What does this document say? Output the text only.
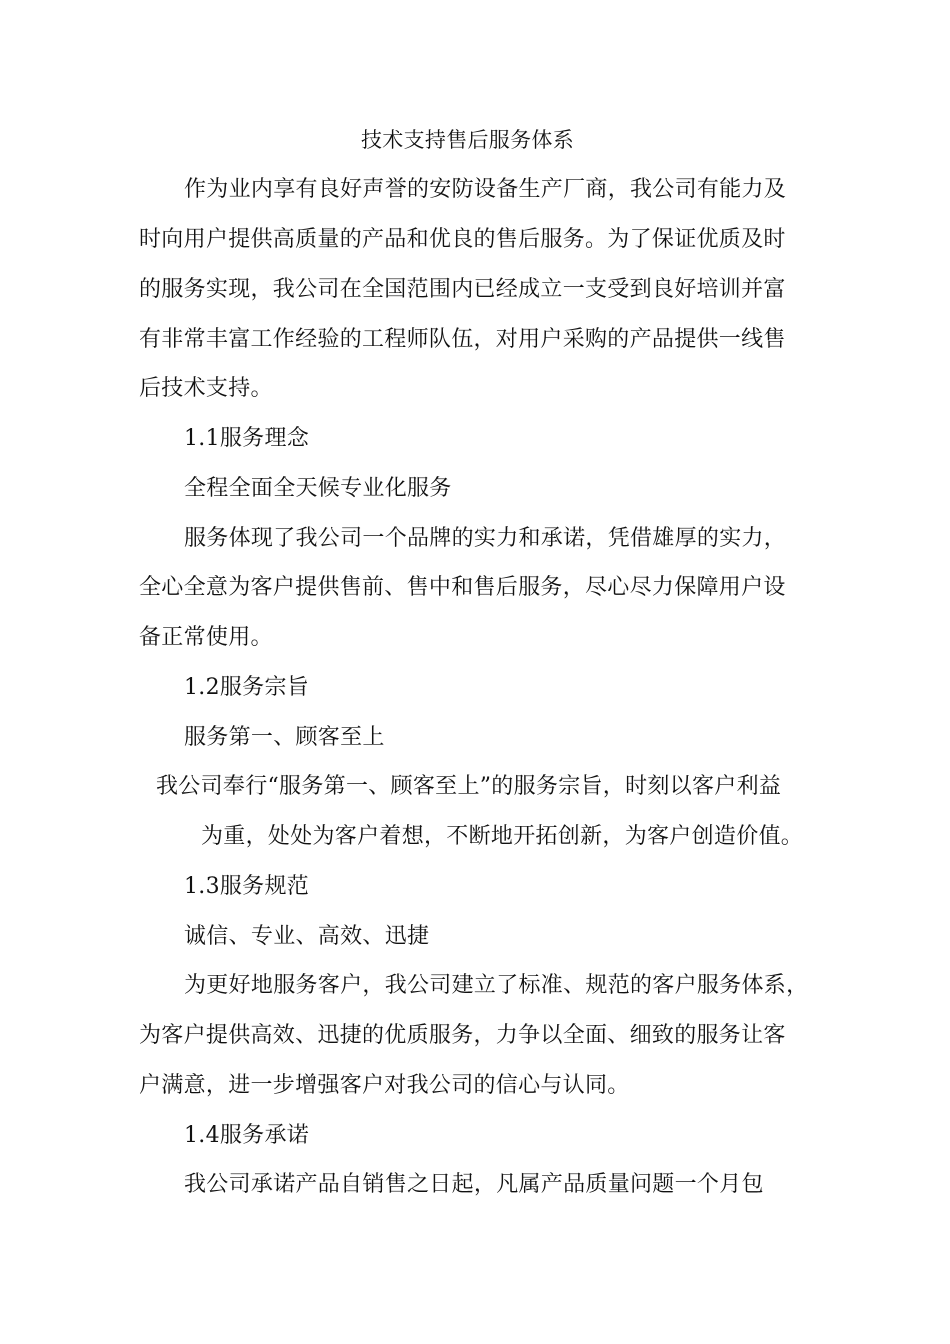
技术支持售后服务体系
作为业内享有良好声誉的安防设备生产厂商，我公司有能力及
时向用户提供高质量的产品和优良的售后服务。为了保证优质及时
的服务实现，我公司在全国范围内已经成立一支受到良好培训并富
有非常丰富工作经验的工程师队伍，对用户采购的产品提供一线售
后技术支持。
1.1服务理念
全程全面全天候专业化服务
服务体现了我公司一个品牌的实力和承诺，凭借雄厚的实力，
全心全意为客户提供售前、售中和售后服务，尽心尽力保障用户设
备正常使用。
1.2服务宗旨
服务第一、顾客至上
我公司奉行“服务第一、顾客至上”的服务宗旨，时刻以客户利益
为重，处处为客户着想，不断地开拓创新，为客户创造价值。
1.3服务规范
诚信、专业、高效、迅捷
为更好地服务客户，我公司建立了标准、规范的客户服务体系，
为客户提供高效、迅捷的优质服务，力争以全面、细致的服务让客
户满意，进一步增强客户对我公司的信心与认同。
1.4服务承诺
我公司承诺产品自销售之日起，凡属产品质量问题一个月包
